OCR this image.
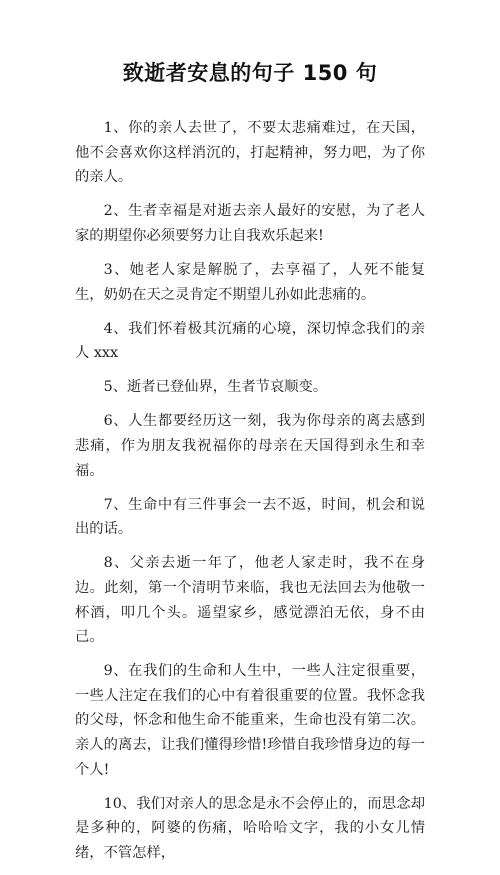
致逝者安息的句子 150 句

1、你的亲人去世了，不要太悲痛难过，在天国，他不会喜欢你这样消沉的，打起精神，努力吧，为了你的亲人。

2、生者幸福是对逝去亲人最好的安慰，为了老人家的期望你必须要努力让自我欢乐起来!

3、她老人家是解脱了，去享福了，人死不能复生，奶奶在天之灵肯定不期望儿孙如此悲痛的。

4、我们怀着极其沉痛的心境，深切悼念我们的亲人 xxx

5、逝者已登仙界，生者节哀顺变。

6、人生都要经历这一刻，我为你母亲的离去感到悲痛，作为朋友我祝福你的母亲在天国得到永生和幸福。

7、生命中有三件事会一去不返，时间，机会和说出的话。

8、父亲去逝一年了，他老人家走时，我不在身边。此刻，第一个清明节来临，我也无法回去为他敬一杯酒，叩几个头。遥望家乡，感觉漂泊无依，身不由己。

9、在我们的生命和人生中，一些人注定很重要，一些人注定在我们的心中有着很重要的位置。我怀念我的父母，怀念和他生命不能重来，生命也没有第二次。亲人的离去，让我们懂得珍惜!珍惜自我珍惜身边的每一个人!

10、我们对亲人的思念是永不会停止的，而思念却是多种的，阿婆的伤痛，哈哈哈文字，我的小女儿情绪，不管怎样，
